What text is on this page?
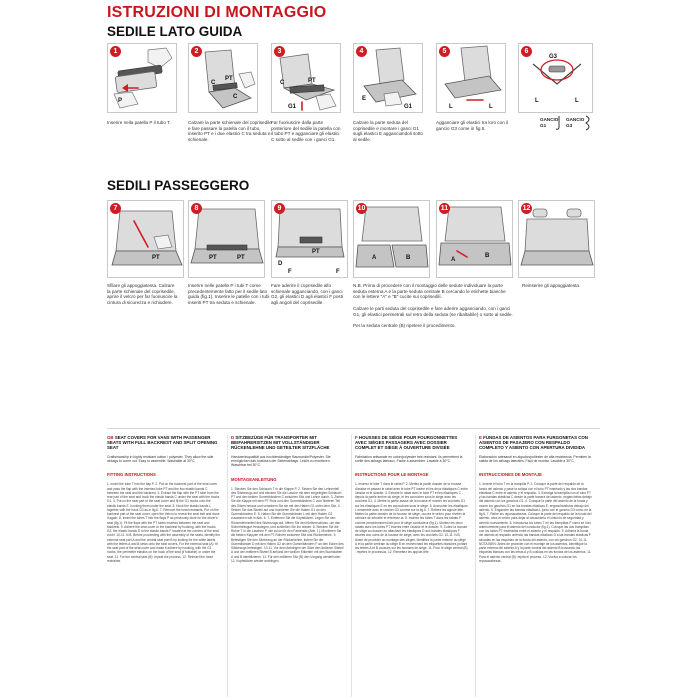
ISTRUZIONI DI MONTAGGIO
SEDILE LATO GUIDA
1
P
Inserire nella patella P il tubo T.
2
C
PT
C
Calzare la parte schienale del coprisedile e fare passare la patella con il tubo, inserito PT e i due elastici C tra seduta e schienale.
3
C	PT
G1
Far fuoriuscire dalla parte posteriore del sedile la patella con il tubo PT e agganciare gli elastici C sotto al sedile con i ganci G1.
4
E
G1
Calzare la parte seduta del coprisedile e montare i ganci G1 sugli elastici E agganciandoli sotto al sedile.
5
L	L
Agganciare gli elastici tra loro con il gancio G3 come in fig.6.
6
G3
L	L
GANCIO
G1
GANCIO
G3
SEDILI PASSEGGERO
7
PT
Sfilare gli appoggiatesta. Calzare la parte schienale del coprisedile, aprire il velcro per far fuoriuscire la cintura di sicurezza e richiudere.
8
PT	PT
Inserire nelle patelle P i tubi T come precedentemente fatto per il sedile lato guida (fig.1). Inserire le patelle con i tubi inseriti PT tra seduta e schienale.
9
D
F
PT
F
Fare aderire il coprisedile allo schienale agganciando, con i ganci G2, gli elastici D agli elastici F posti agli angoli del coprisedile.
10
B
A
N.B. Prima di procedere con il montaggio delle sedute individuare la parte seduta esterna A e la parte seduta centrale B cercando le etichette bianche con le lettere "A" e "B" cucite sui coprisedili.
Calzare le parti seduta del coprisedile e fare aderire agganciando, con i ganci G1, gli elastici perimetrali sul retro della seduta (se ribaltabile) o sotto al sedile.
Per la seduta centrale (B) ripetere il procedimento.
11
B
A
12
Reinserire gli appoggiatesta.
GB SEAT COVERS FOR VANS WITH PASSENGER SEATS WITH FULL BACKREST AND SPLIT OPENING SEAT
Craftsmanship in highly resistant cotton / polyester. They allow the side airbags to come out. Easy to assemble. Washable at 30°C.
FITTING INSTRUCTIONS
1. Insert the tube T into the flap P. 2. Put on the backrest part of the seat cover and pass the flap with the inserted tube PT and the two elastic bands C between the seat and the backrest. 3. Extract the flap with the PT tube from the rear part of the seat and hook the elastic bands C under the seat with the hooks G1. 4. Put on the seat part of the seat cover and fit the G1 hooks onto the elastic bands E, hooking them under the seat. 5. Hook the elastic bands L together with the hook G3 as in fig.6. 7. Remove the head restraints. Put on the backrest part of the seat cover, open the Velcro to reveal the seat belt and close it again. 8. Insert the tubes T into the flaps P as previously done for the driver's seat (fig.1). Fit the flaps with the PT tubes inserted between the seat and backrest. 9. Adhere the seat cover to the backrest by hooking, with the hooks G2, the elastic bands D to the elastic bands F located at the corners of the seat cover. 10-11. N.B. Before proceeding with the assembly of the seats, identify the external seat part A and the central seat part B by looking for the white labels with the letters A and B sewn onto the seat covers. For the external seat (A): fit the seat part of the seat cover and make it adhere by hooking, with the G1 hooks, the perimeter elastics on the back of the seat (if foldable) or under the seat. 11. For the central seat (B): repeat the process. 12. Reinsert the head restraints.
D SITZBEZÜGE FÜR TRANSPORTER MIT BEIFAHRERSITZEN MIT VOLLSTÄNDIGER RÜCKENLEHNE UND GETEILTER SITZFLÄCHE
Handwerksqualität aus hochbeständiger Baumwolle/Polyester. Sie ermöglichen das Auslösen der Seitenairbags. Leicht zu montieren. Waschbar bei 30°C.
MONTAGEANLEITUNG
1. Stecken Sie den Schlauch T in die Klappe P. 2. Setzen Sie den Lehnenteil des Sitzbezugs auf und stecken Sie die Lasche mit dem eingelegten Schlauch PT und den beiden Gummibändern C zwischen Sitz und Lehne durch. 3. Ziehen Sie die Klappe mit dem PT-Rohr und den Gummibändern C vom hinteren Teil des Sitzes heraus und verankern Sie sie mit den Haken G1 unter dem Sitz. 4. Setzen Sie das Sitzteil auf und montieren Sie die Haken G1 an den Gummibändern E. 5. Haken Sie die Gummibänder L mit dem Haken G3 zusammen wie in Abb. 6. 7. Entfernen Sie die Kopfstützen. Legen Sie den Rückenlehnenteil des Sitzbezugs auf, öffnen Sie den Klettverschluss, um den Sicherheitsgurt freizulegen, und schließen Sie ihn wieder. 8. Stecken Sie die Rohre T in die Laschen P, wie zuvor für den Fahrersitz (Abb. 1). Montieren Sie die beiden Klappen mit den PT-Rohren zwischen Sitz und Rückenlehne. 9. Befestigen Sie den Sitzbezug an der Rückenlehne, indem Sie die Gummibänder D mit den Haken G2 an den Gummibändern F an den Ecken des Sitzbezugs befestigen. 10-11. Vor dem Anbringen der Sitze den äußeren Sitzteil A und den mittleren Sitzteil B anhand der weißen Etiketten mit den Buchstaben A und B identifizieren. 11. Für den mittleren Sitz (B) den Vorgang wiederholen. 12. Kopfstützen wieder anbringen.
F HOUSSES DE SIÈGE POUR FOURGONNETTES AVEC SIÈGES PASSAGERS AVEC DOSSIER COMPLET ET SIÈGE À OUVERTURE DIVISÉE
Fabrication artisanale en coton/polyester très résistant. Ils permettent la sortie des airbags latéraux. Facile à assembler. Lavable à 30°C.
INSTRUCTIONS POUR LE MONTAGE
1. Insérez le tube T dans le rabat P. 2. Mettez la partie dossier de la housse d'assise et passez le rabat avec le tube PT inséré et les deux élastiques C entre l'assise et le dossier. 3. Extraire le rabat avec le tube PT et les élastiques C depuis la partie arrière du siège, et les accrocher sous le siège avec les crochets G1. 4. Mettre la partie assise de la housse et monter les crochets G1 sur les élastiques E en les accrochant sous le siège. 5. Accrocher les élastiques L ensemble avec le crochet G3 comme sur la fig.6. 7. Retirez les appuie-tête. Mettez la partie dossier de la housse de siège, ouvrez le velcro pour révéler la ceinture de sécurité et refermez-la. 8. Insérez les tubes T dans les rabats P comme précédemment fait pour le siège conducteur (fig.1). Montez les deux rabats avec les tubes PT insérés entre l'assise et le dossier. 9. Collez la housse de siège au dossier en attachant les élastiques D aux bandes élastiques F situées aux coins de la housse de siège, avec les crochets G2. 10-11. N.B. Avant de procéder au montage des sièges, identifiez la partie externe du siège A et la partie centrale du siège B en recherchant les étiquettes blanches portant les lettres A et B cousues sur les housses de siège. 11. Pour le siège central (B) : répétez le processus. 12. Remettez les appuie-tête.
E FUNDAS DE ASIENTOS PARA FURGONETAS CON ASIENTOS DE PASAJERO CON RESPALDO COMPLETO Y ASIENTO CON APERTURA DIVIDIDA
Elaboración artesanal en algodón/poliéster de alta resistencia. Permiten la salida de los airbags laterales. Fácil de montar. Lavable a 30°C.
INSTRUCCIONES DE MONTAJE
1. Inserte el tubo T en la trampilla P. 2. Coloque la parte del respaldo de la funda del asiento y pase la solapa con el tubo PT insertado y las dos bandas elásticas C entre el asiento y el respaldo. 3. Extraiga la trampilla con el tubo PT y las bandas elásticas C desde la parte trasera del asiento, engánchelas debajo del asiento con los ganchos G1. 4. Coloque la parte del asiento de la funda y monte los ganchos G1 en las bandas elásticas E, enganchándolos debajo del asiento. 5. Enganche las bandas elásticas L junto con el gancho G3 como en la fig.6. 7. Retire los reposacabezas. Coloque la parte del respaldo de la funda del asiento, abra el velcro para dejar al descubierto el cinturón de seguridad y ciérrelo nuevamente. 8. Introduzca los tubos T en las trampillas P como se hizo anteriormente para el asiento del conductor (fig.1). Coloque las dos trampillas con los tubos PT insertados entre el asiento y el respaldo. 9. Adhiera la funda del asiento al respaldo uniendo las bandas elásticas D a las bandas elásticas F situadas en las esquinas de la funda del asiento, con los ganchos G2. 10-11. NOTA BIEN: Antes de proceder con el montaje de los asientos, identifique la parte externa del asiento A y la parte central del asiento B buscando las etiquetas blancas con las letras A y B cosidas en las fundas de los asientos. 11. Para el asiento central (B): repita el proceso. 12. Vuelva a colocar los reposacabezas.
